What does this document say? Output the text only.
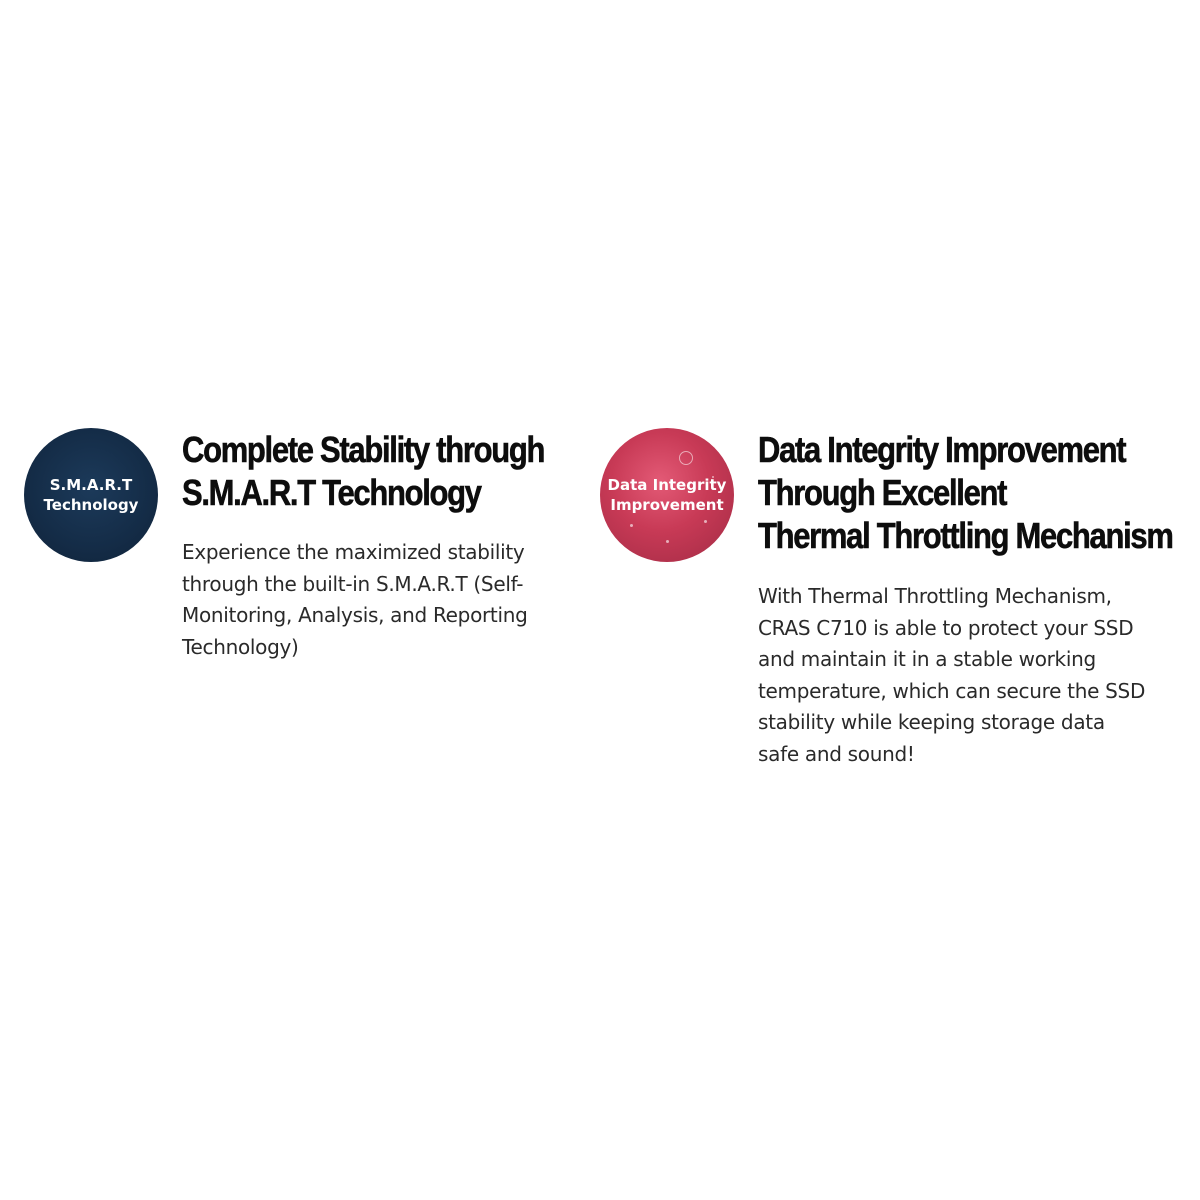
S.M.A.R.T
Technology
Complete Stability through
S.M.A.R.T Technology

Experience the maximized stability
through the built-in S.M.A.R.T (Self-
Monitoring, Analysis, and Reporting
Technology)

Data Integrity
Improvement
Data Integrity Improvement
Through Excellent
Thermal Throttling Mechanism

With Thermal Throttling Mechanism,
CRAS C710 is able to protect your SSD
and maintain it in a stable working
temperature, which can secure the SSD
stability while keeping storage data
safe and sound!
